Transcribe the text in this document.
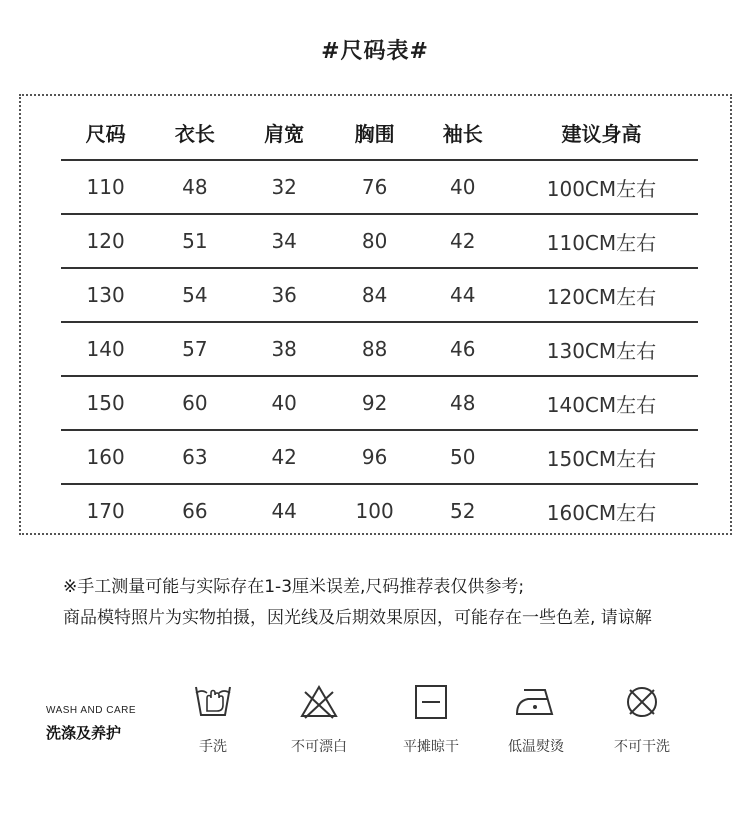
#尺码表#
尺码	衣长	肩宽	胸围	袖长	建议身高
110	48	32	76	40	100CM左右
120	51	34	80	42	110CM左右
130	54	36	84	44	120CM左右
140	57	38	88	46	130CM左右
150	60	40	92	48	140CM左右
160	63	42	96	50	150CM左右
170	66	44	100	52	160CM左右
※手工测量可能与实际存在1-3厘米误差,尺码推荐表仅供参考;
商品模特照片为实物拍摄，因光线及后期效果原因，可能存在一些色差, 请谅解
WASH AND CARE
洗涤及养护
手洗	不可漂白	平摊晾干	低温熨烫	不可干洗
